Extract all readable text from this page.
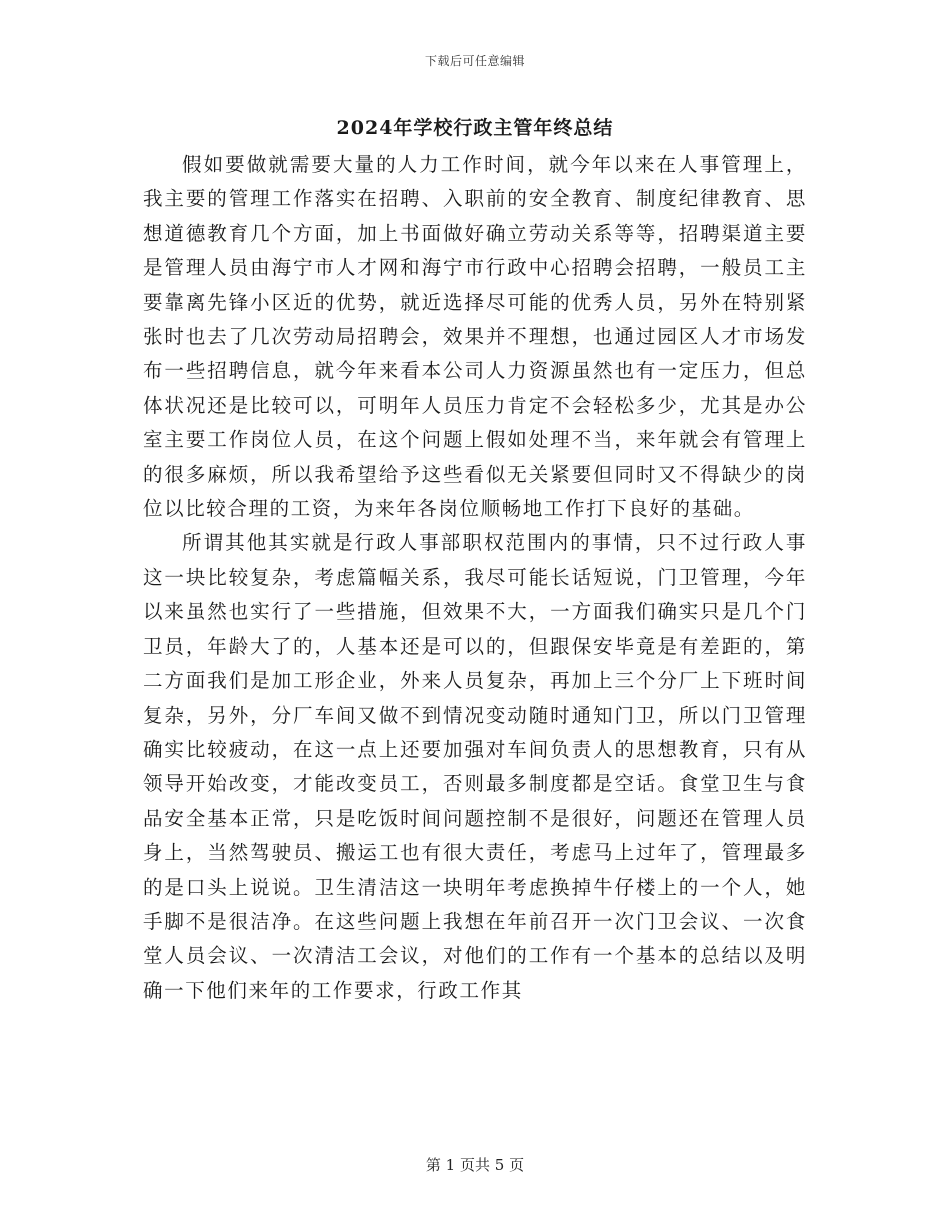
下载后可任意编辑
2024年学校行政主管年终总结

假如要做就需要大量的人力工作时间，就今年以来在人事管理上，我主要的管理工作落实在招聘、入职前的安全教育、制度纪律教育、思想道德教育几个方面，加上书面做好确立劳动关系等等，招聘渠道主要是管理人员由海宁市人才网和海宁市行政中心招聘会招聘，一般员工主要靠离先锋小区近的优势，就近选择尽可能的优秀人员，另外在特别紧张时也去了几次劳动局招聘会，效果并不理想，也通过园区人才市场发布一些招聘信息，就今年来看本公司人力资源虽然也有一定压力，但总体状况还是比较可以，可明年人员压力肯定不会轻松多少，尤其是办公室主要工作岗位人员，在这个问题上假如处理不当，来年就会有管理上的很多麻烦，所以我希望给予这些看似无关紧要但同时又不得缺少的岗位以比较合理的工资，为来年各岗位顺畅地工作打下良好的基础。

所谓其他其实就是行政人事部职权范围内的事情，只不过行政人事这一块比较复杂，考虑篇幅关系，我尽可能长话短说，门卫管理，今年以来虽然也实行了一些措施，但效果不大，一方面我们确实只是几个门卫员，年龄大了的，人基本还是可以的，但跟保安毕竟是有差距的，第二方面我们是加工形企业，外来人员复杂，再加上三个分厂上下班时间复杂，另外，分厂车间又做不到情况变动随时通知门卫，所以门卫管理确实比较疲动，在这一点上还要加强对车间负责人的思想教育，只有从领导开始改变，才能改变员工，否则最多制度都是空话。食堂卫生与食品安全基本正常，只是吃饭时间问题控制不是很好，问题还在管理人员身上，当然驾驶员、搬运工也有很大责任，考虑马上过年了，管理最多的是口头上说说。卫生清洁这一块明年考虑换掉牛仔楼上的一个人，她手脚不是很洁净。在这些问题上我想在年前召开一次门卫会议、一次食堂人员会议、一次清洁工会议，对他们的工作有一个基本的总结以及明确一下他们来年的工作要求，行政工作其

第 1 页共 5 页
